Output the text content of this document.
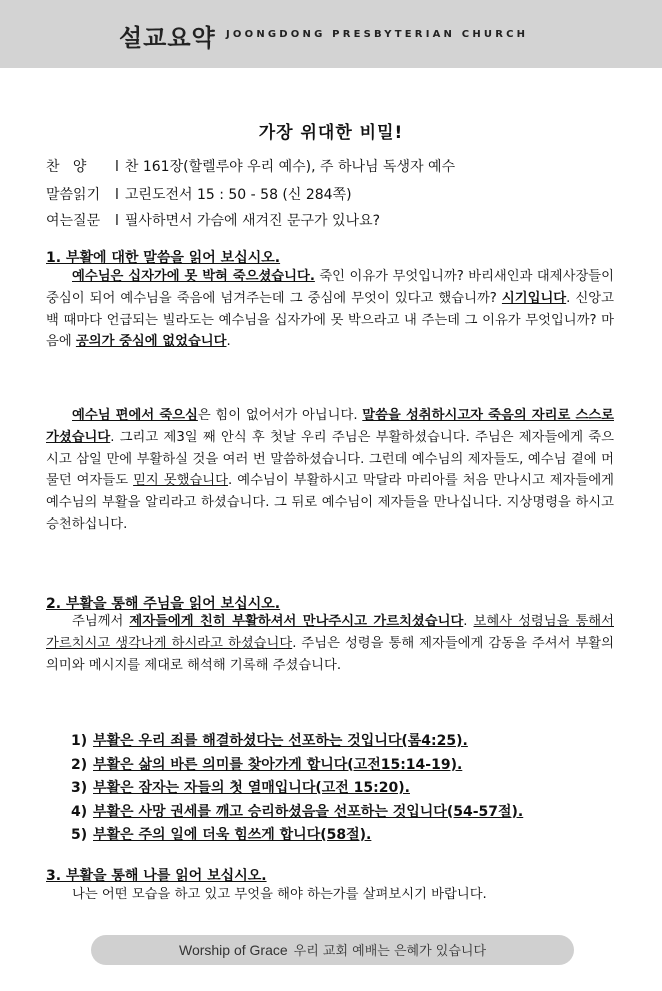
설교요약 JOONGDONG PRESBYTERIAN CHURCH
가장 위대한 비밀!
찬   양 l 찬 161장(할렐루야 우리 예수), 주 하나님 독생자 예수
말씀읽기 l 고린도전서 15 : 50 - 58 (신 284쪽)
여는질문 l 필사하면서 가슴에 새겨진 문구가 있나요?
1. 부활에 대한 말씀을 읽어 보십시오.
예수님은 십자가에 못 박혀 죽으셨습니다. 죽인 이유가 무엇입니까? 바리새인과 대제사장들이 중심이 되어 예수님을 죽음에 넘겨주는데 그 중심에 무엇이 있다고 했습니까? 시기입니다. 신앙고백 때마다 언급되는 빌라도는 예수님을 십자가에 못 박으라고 내 주는데 그 이유가 무엇입니까? 마음에 공의가 중심에 없었습니다.
예수님 편에서 죽으심은 힘이 없어서가 아닙니다. 말씀을 성취하시고자 죽음의 자리로 스스로 가셨습니다. 그리고 제3일 째 안식 후 첫날 우리 주님은 부활하셨습니다. 주님은 제자들에게 죽으시고 삼일 만에 부활하실 것을 여러 번 말씀하셨습니다. 그런데 예수님의 제자들도, 예수님 곁에 머물던 여자들도 믿지 못했습니다. 예수님이 부활하시고 막달라 마리아를 처음 만나시고 제자들에게 예수님의 부활을 알리라고 하셨습니다. 그 뒤로 예수님이 제자들을 만나십니다. 지상명령을 하시고 승천하십니다.
2. 부활을 통해 주님을 읽어 보십시오.
주님께서 제자들에게 친히 부활하셔서 만나주시고 가르치셨습니다. 보혜사 성령님을 통해서 가르치시고 생각나게 하시라고 하셨습니다. 주님은 성령을 통해 제자들에게 감동을 주셔서 부활의 의미와 메시지를 제대로 해석해 기록해 주셨습니다.
1) 부활은 우리 죄를 해결하셨다는 선포하는 것입니다(롬4:25).
2) 부활은 삶의 바른 의미를 찾아가게 합니다(고전15:14-19).
3) 부활은 잠자는 자들의 첫 열매입니다(고전 15:20).
4) 부활은 사망 권세를 깨고 승리하셨음을 선포하는 것입니다(54-57절).
5) 부활은 주의 일에 더욱 힘쓰게 합니다(58절).
3. 부활을 통해 나를 읽어 보십시오.
나는 어떤 모습을 하고 있고 무엇을 해야 하는가를 살펴보시기 바랍니다.
Worship of Grace 우리 교회 예배는 은혜가 있습니다
